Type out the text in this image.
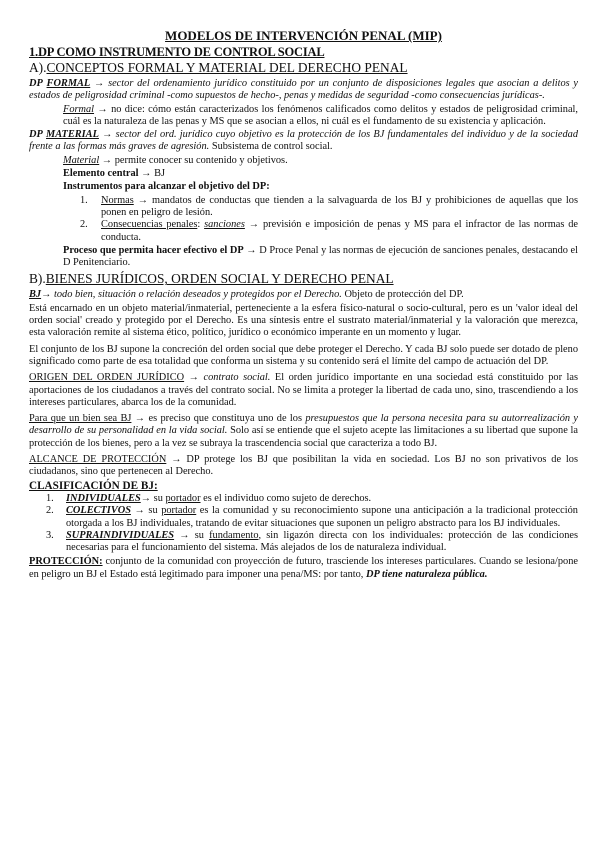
MODELOS DE INTERVENCIÓN PENAL (MIP)
1.DP COMO INSTRUMENTO DE CONTROL SOCIAL
A).CONCEPTOS FORMAL Y MATERIAL DEL DERECHO PENAL

DP FORMAL → sector del ordenamiento jurídico constituido por un conjunto de disposiciones legales que asocian a delitos y estados de peligrosidad criminal -como supuestos de hecho-, penas y medidas de seguridad -como consecuencias jurídicas-.

Formal → no dice: cómo están caracterizados los fenómenos calificados como delitos y estados de peligrosidad criminal, cuál es la naturaleza de las penas y MS que se asocian a ellos, ni cuál es el fundamento de su existencia y aplicación.

DP MATERIAL → sector del ord. jurídico cuyo objetivo es la protección de los BJ fundamentales del individuo y de la sociedad frente a las formas más graves de agresión. Subsistema de control social.

Material → permite conocer su contenido y objetivos.

Elemento central → BJ

Instrumentos para alcanzar el objetivo del DP:

1. Normas → mandatos de conductas que tienden a la salvaguarda de los BJ y prohibiciones de aquellas que los ponen en peligro de lesión.
2. Consecuencias penales: sanciones → previsión e imposición de penas y MS para el infractor de las normas de conducta.

Proceso que permita hacer efectivo el DP → D Proce Penal y las normas de ejecución de sanciones penales, destacando el D Penitenciario.

B).BIENES JURÍDICOS, ORDEN SOCIAL Y DERECHO PENAL

BJ→ todo bien, situación o relación deseados y protegidos por el Derecho. Objeto de protección del DP.

Está encarnado en un objeto material/inmaterial, perteneciente a la esfera físico-natural o socio-cultural, pero es un 'valor ideal del orden social' creado y protegido por el Derecho. Es una síntesis entre el sustrato material/inmaterial y la valoración que merezca, esta valoración remite al sistema ético, político, jurídico o económico imperante en un momento y lugar.

El conjunto de los BJ supone la concreción del orden social que debe proteger el Derecho. Y cada BJ solo puede ser dotado de pleno significado como parte de esa totalidad que conforma un sistema y su contenido será el límite del campo de actuación del DP.

ORIGEN DEL ORDEN JURÍDICO → contrato social. El orden jurídico importante en una sociedad está constituido por las aportaciones de los ciudadanos a través del contrato social. No se limita a proteger la libertad de cada uno, sino, trascendiendo a los intereses particulares, abarca los de la comunidad.

Para que un bien sea BJ → es preciso que constituya uno de los presupuestos que la persona necesita para su autorrealización y desarrollo de su personalidad en la vida social. Solo así se entiende que el sujeto acepte las limitaciones a su libertad que supone la protección de los bienes, pero a la vez se subraya la trascendencia social que caracteriza a todo BJ.

ALCANCE DE PROTECCIÓN → DP protege los BJ que posibilitan la vida en sociedad. Los BJ no son privativos de los ciudadanos, sino que pertenecen al Derecho.

CLASIFICACIÓN DE BJ:
1. INDIVIDUALES→ su portador es el individuo como sujeto de derechos.
2. COLECTIVOS → su portador es la comunidad y su reconocimiento supone una anticipación a la tradicional protección otorgada a los BJ individuales, tratando de evitar situaciones que suponen un peligro abstracto para los BJ individuales.
3. SUPRAINDIVIDUALES → su fundamento, sin ligazón directa con los individuales: protección de las condiciones necesarias para el funcionamiento del sistema. Más alejados de los de naturaleza individual.

PROTECCIÓN: conjunto de la comunidad con proyección de futuro, trasciende los intereses particulares. Cuando se lesiona/pone en peligro un BJ el Estado está legitimado para imponer una pena/MS: por tanto, DP tiene naturaleza pública.
